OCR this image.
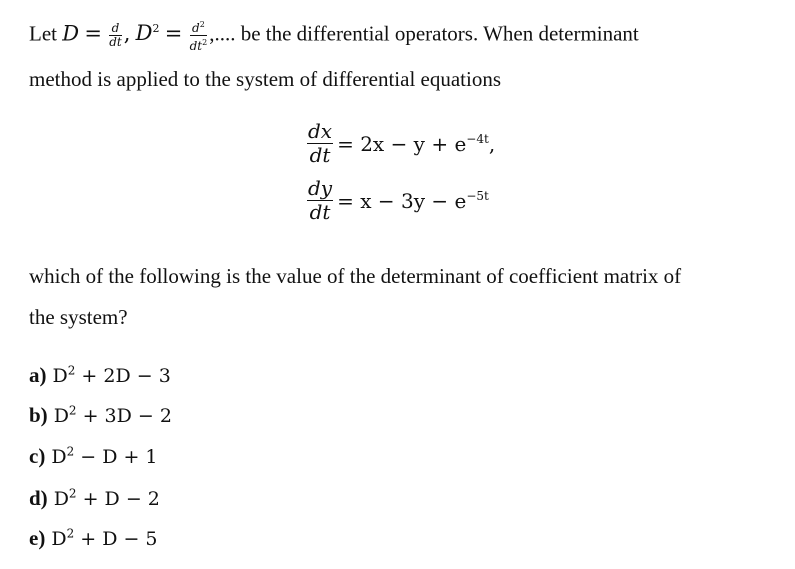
Let $D = \frac{d}{dt}$ , $D^2 = \frac{d^2}{dt^2}$ ,.... be the differential operators. When determinant
method is applied to the system of differential equations
$\frac{dx}{dt} = 2x - y + e^{-4t}$,
$\frac{dy}{dt} = x - 3y - e^{-5t}$
which of the following is the value of the determinant of coefficient matrix of
the system?
a) $D^2 + 2D - 3$
b) $D^2 + 3D - 2$
c) $D^2 - D + 1$
d) $D^2 + D - 2$
e) $D^2 + D - 5$
